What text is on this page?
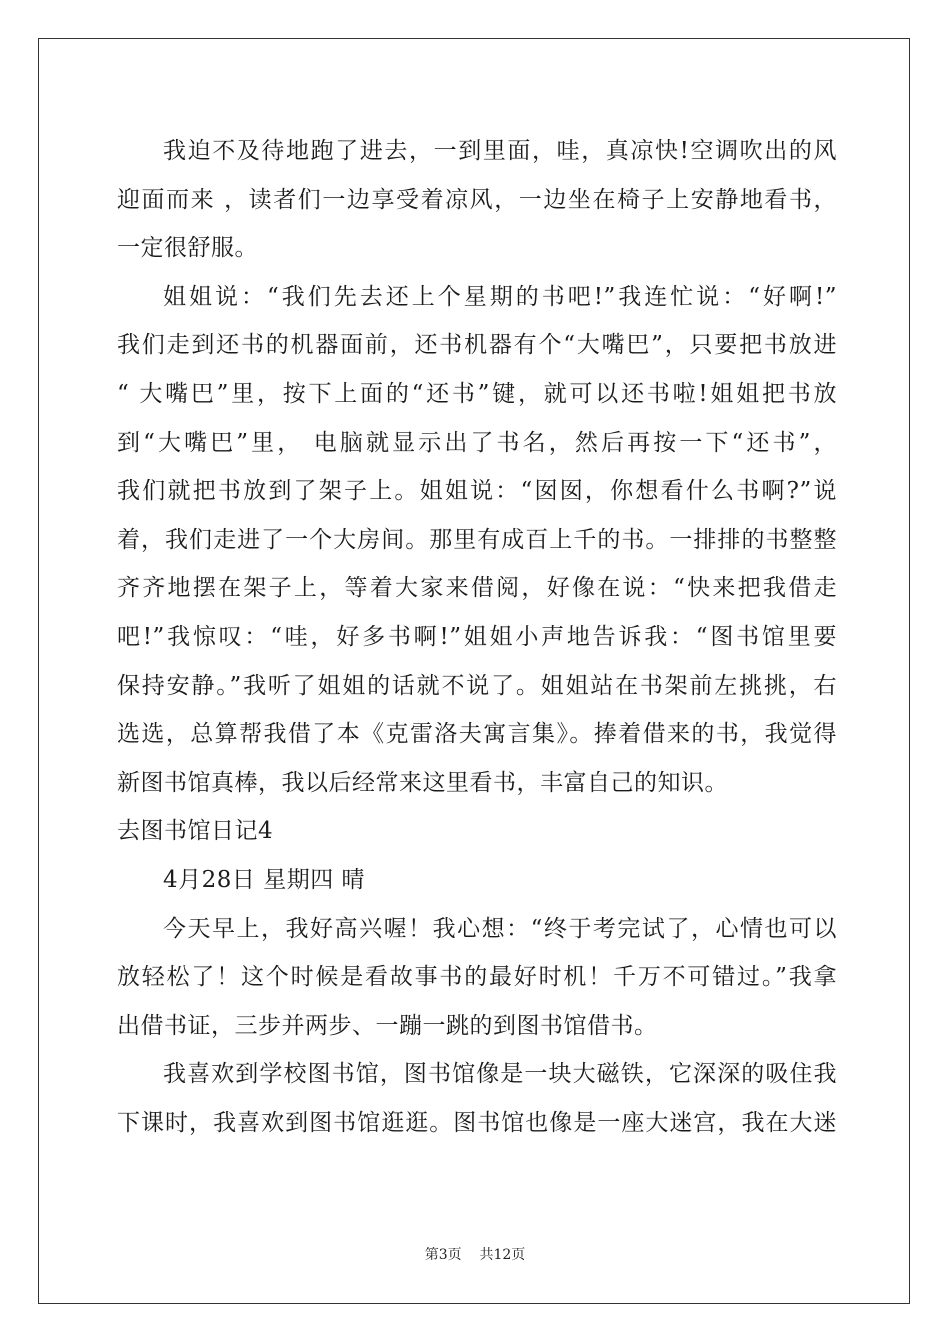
我迫不及待地跑了进去，一到里面，哇，真凉快!空调吹出的风
迎面而来 ，读者们一边享受着凉风，一边坐在椅子上安静地看书，
一定很舒服。
姐姐说：“我们先去还上个星期的书吧!”我连忙说：“好啊!”
我们走到还书的机器面前，还书机器有个“大嘴巴”，只要把书放进
“ 大嘴巴”里，按下上面的“还书”键，就可以还书啦!姐姐把书放
到“大嘴巴”里， 电脑就显示出了书名，然后再按一下“还书”，
我们就把书放到了架子上。姐姐说：“囡囡，你想看什么书啊?”说
着，我们走进了一个大房间。那里有成百上千的书。一排排的书整整
齐齐地摆在架子上，等着大家来借阅，好像在说：“快来把我借走
吧!”我惊叹：“哇，好多书啊!”姐姐小声地告诉我：“图书馆里要
保持安静。”我听了姐姐的话就不说了。姐姐站在书架前左挑挑，右
选选，总算帮我借了本《克雷洛夫寓言集》。捧着借来的书，我觉得
新图书馆真棒，我以后经常来这里看书，丰富自己的知识。
去图书馆日记4
4月28日 星期四 晴
今天早上，我好高兴喔！我心想：“终于考完试了，心情也可以
放轻松了！这个时候是看故事书的最好时机！千万不可错过。”我拿
出借书证，三步并两步、一蹦一跳的到图书馆借书。
我喜欢到学校图书馆，图书馆像是一块大磁铁，它深深的吸住我
下课时，我喜欢到图书馆逛逛。图书馆也像是一座大迷宫，我在大迷
第3页    共12页
